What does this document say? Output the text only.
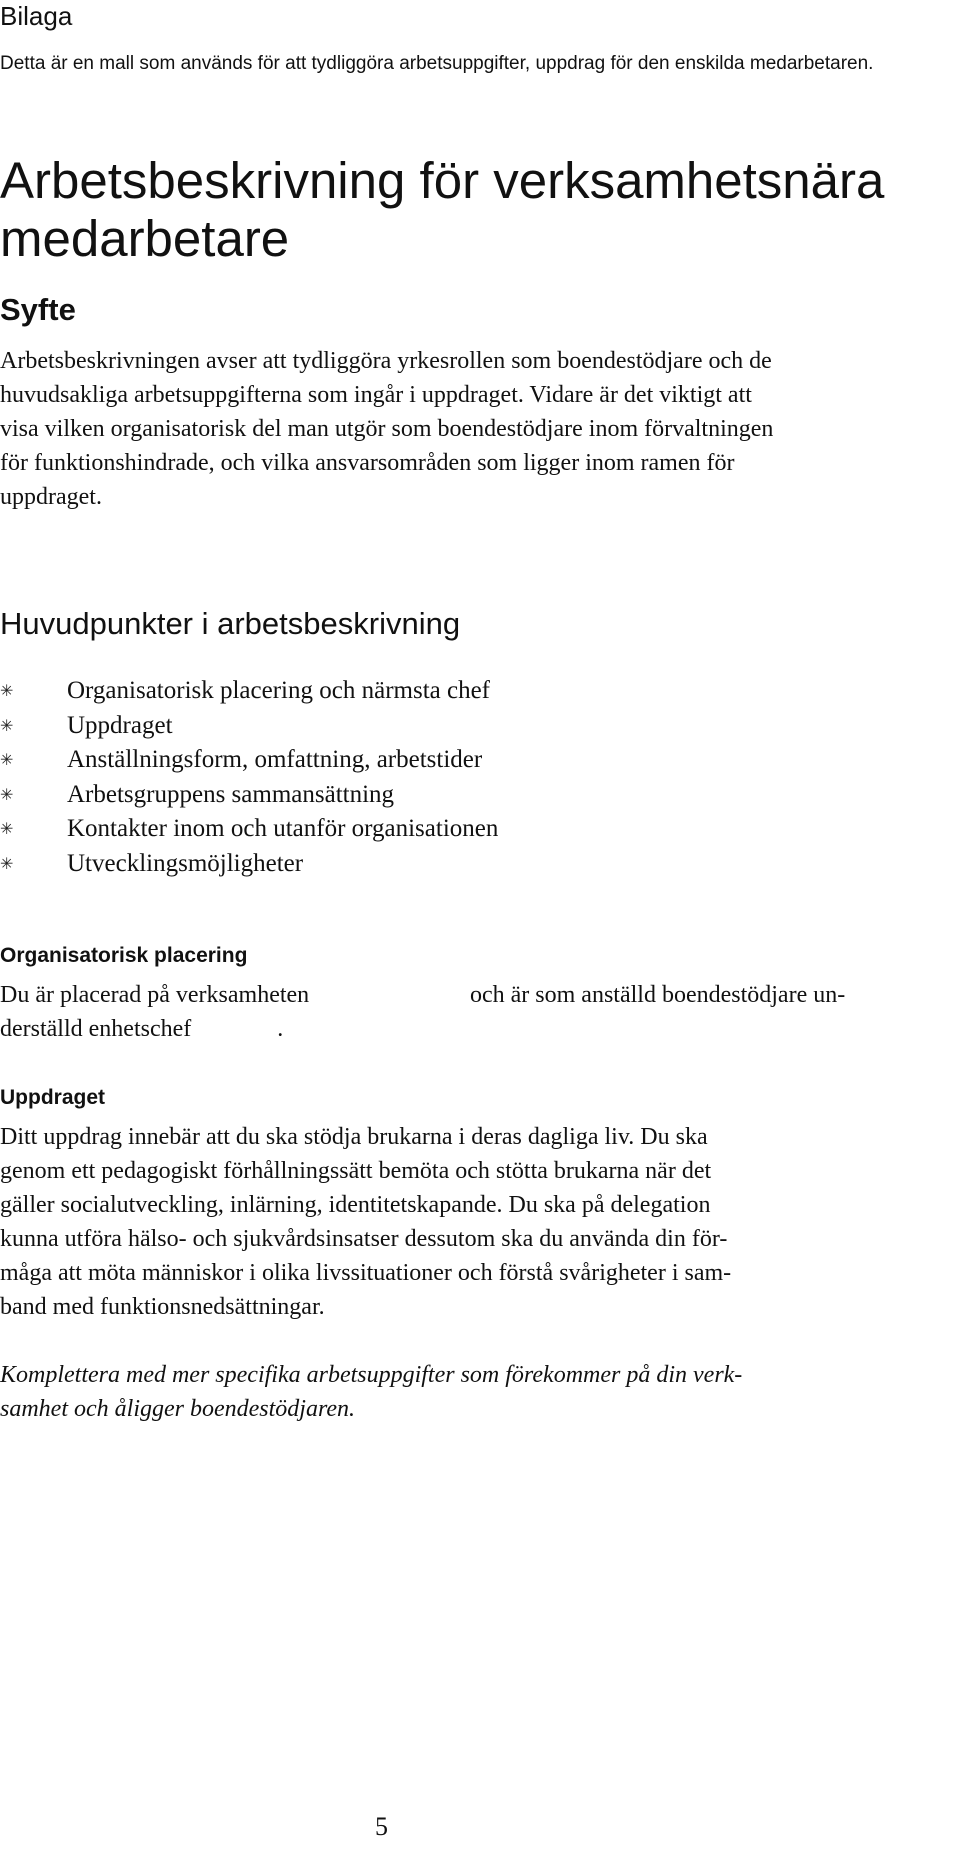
Bilaga
Detta är en mall som används för att tydliggöra arbetsuppgifter, uppdrag för den enskilda medarbetaren.
Arbetsbeskrivning för verksamhetsnära
medarbetare
Syfte
Arbetsbeskrivningen avser att tydliggöra yrkesrollen som boendestödjare och de
huvudsakliga arbetsuppgifterna som ingår i uppdraget. Vidare är det viktigt att
visa vilken organisatorisk del man utgör som boendestödjare inom förvaltningen
för funktionshindrade, och vilka ansvarsområden som ligger inom ramen för
uppdraget.
Huvudpunkter i arbetsbeskrivning
✳ Organisatorisk placering och närmsta chef
✳ Uppdraget
✳ Anställningsform, omfattning, arbetstider
✳ Arbetsgruppens sammansättning
✳ Kontakter inom och utanför organisationen
✳ Utvecklingsmöjligheter
Organisatorisk placering
Du är placerad på verksamheten	och är som anställd boendestödjare un-
derställd enhetschef	.
Uppdraget
Ditt uppdrag innebär att du ska stödja brukarna i deras dagliga liv. Du ska
genom ett pedagogiskt förhållningssätt bemöta och stötta brukarna när det
gäller socialutveckling, inlärning, identitetskapande. Du ska på delegation
kunna utföra hälso- och sjukvårdsinsatser dessutom ska du använda din för-
måga att möta människor i olika livssituationer och förstå svårigheter i sam-
band med funktionsnedsättningar.
Komplettera med mer specifika arbetsuppgifter som förekommer på din verk-
samhet och åligger boendestödjaren.
5
